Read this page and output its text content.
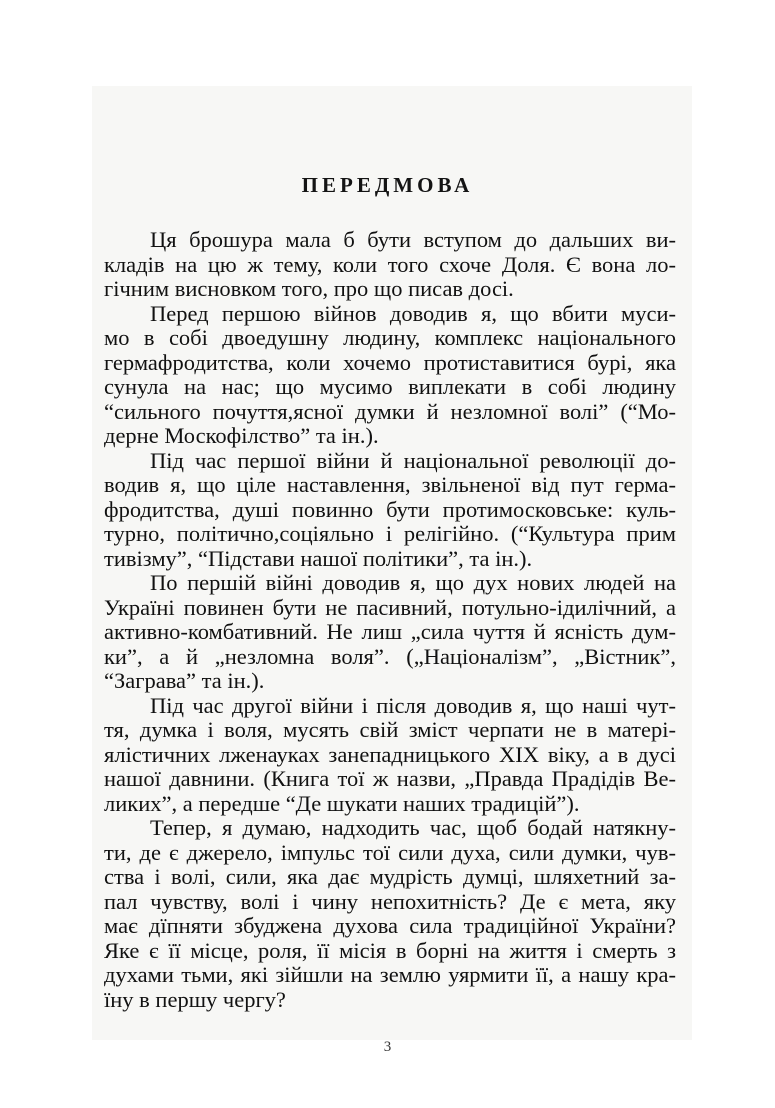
ПЕРЕДМОВА

Ця брошура мала б бути вступом до дальших ви-
кладів на цю ж тему, коли того схоче Доля. Є вона ло-
гічним висновком того, про що писав досі.

Перед першою війнов доводив я, що вбити муси-
мо в собі двоедушну людину, комплекс національного
гермафродитства, коли хочемо протиставитися бурі, яка
сунула на нас; що мусимо виплекати в собі людину
“сильного почуття,ясної думки й незломної волі” (“Мо-
дерне Москофілство” та ін.).

Під час першої війни й національної революції до-
водив я, що ціле наставлення, звільненої від пут герма-
фродитства, душі повинно бути протимосковське: куль-
турно, політично,соціяльно і релігійно. (“Культура прим
тивізму”, “Підстави нашої політики”, та ін.).

По першій війні доводив я, що дух нових людей на
Україні повинен бути не пасивний, потульно-ідилічний, а
активно-комбативний. Не лиш „сила чуття й ясність дум-
ки”, а й „незломна воля”. („Націоналізм”, „Вістник”,
“Заграва” та ін.).

Під час другої війни і після доводив я, що наші чут-
тя, думка і воля, мусять свій зміст черпати не в матері-
ялістичних лженауках занепадницького XIX віку, а в дусі
нашої давнини. (Книга тої ж назви, „Правда Прадідів Ве-
ликих”, а передше “Де шукати наших традицій”).

Тепер, я думаю, надходить час, щоб бодай натякну-
ти, де є джерело, імпульс тої сили духа, сили думки, чув-
ства і волі, сили, яка дає мудрість думці, шляхетний за-
пал чувству, волі і чину непохитність? Де є мета, яку
має дїпняти збуджена духова сила традиційної України?
Яке є її місце, роля, її місія в борні на життя і смерть з
духами тьми, які зійшли на землю уярмити її, а нашу кра-
їну в першу чергу?

3
